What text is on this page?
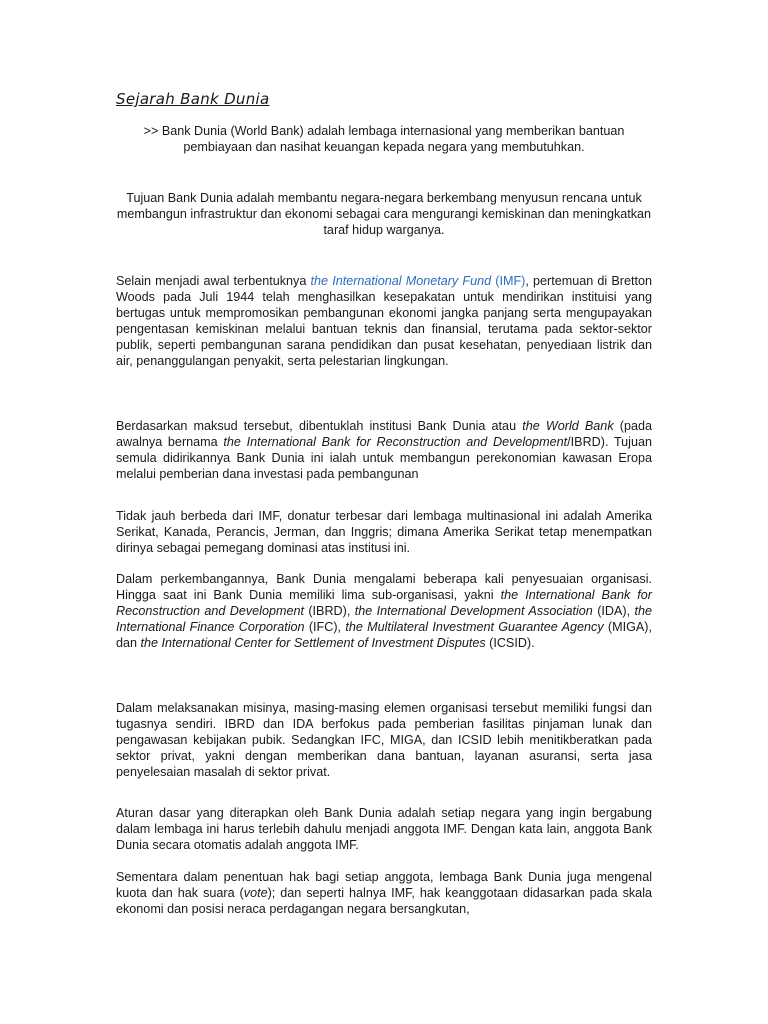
Sejarah Bank Dunia

>> Bank Dunia (World Bank) adalah lembaga internasional yang memberikan bantuan pembiayaan dan nasihat keuangan kepada negara yang membutuhkan.

Tujuan Bank Dunia adalah membantu negara-negara berkembang menyusun rencana untuk membangun infrastruktur dan ekonomi sebagai cara mengurangi kemiskinan dan meningkatkan taraf hidup warganya.

Selain menjadi awal terbentuknya the International Monetary Fund (IMF), pertemuan di Bretton Woods pada Juli 1944 telah menghasilkan kesepakatan untuk mendirikan instituisi yang bertugas untuk mempromosikan pembangunan ekonomi jangka panjang serta mengupayakan pengentasan kemiskinan melalui bantuan teknis dan finansial, terutama pada sektor-sektor publik, seperti pembangunan sarana pendidikan dan pusat kesehatan, penyediaan listrik dan air, penanggulangan penyakit, serta pelestarian lingkungan.

Berdasarkan maksud tersebut, dibentuklah institusi Bank Dunia atau the World Bank (pada awalnya bernama the International Bank for Reconstruction and Development/IBRD). Tujuan semula didirikannya Bank Dunia ini ialah untuk membangun perekonomian kawasan Eropa melalui pemberian dana investasi pada pembangunan

Tidak jauh berbeda dari IMF, donatur terbesar dari lembaga multinasional ini adalah Amerika Serikat, Kanada, Perancis, Jerman, dan Inggris; dimana Amerika Serikat tetap menempatkan dirinya sebagai pemegang dominasi atas institusi ini.

Dalam perkembangannya, Bank Dunia mengalami beberapa kali penyesuaian organisasi. Hingga saat ini Bank Dunia memiliki lima sub-organisasi, yakni the International Bank for Reconstruction and Development (IBRD), the International Development Association (IDA), the International Finance Corporation (IFC), the Multilateral Investment Guarantee Agency (MIGA), dan the International Center for Settlement of Investment Disputes (ICSID).

Dalam melaksanakan misinya, masing-masing elemen organisasi tersebut memiliki fungsi dan tugasnya sendiri. IBRD dan IDA berfokus pada pemberian fasilitas pinjaman lunak dan pengawasan kebijakan pubik. Sedangkan IFC, MIGA, dan ICSID lebih menitikberatkan pada sektor privat, yakni dengan memberikan dana bantuan, layanan asuransi, serta jasa penyelesaian masalah di sektor privat.

Aturan dasar yang diterapkan oleh Bank Dunia adalah setiap negara yang ingin bergabung dalam lembaga ini harus terlebih dahulu menjadi anggota IMF. Dengan kata lain, anggota Bank Dunia secara otomatis adalah anggota IMF.

Sementara dalam penentuan hak bagi setiap anggota, lembaga Bank Dunia juga mengenal kuota dan hak suara (vote); dan seperti halnya IMF, hak keanggotaan didasarkan pada skala ekonomi dan posisi neraca perdagangan negara bersangkutan,
